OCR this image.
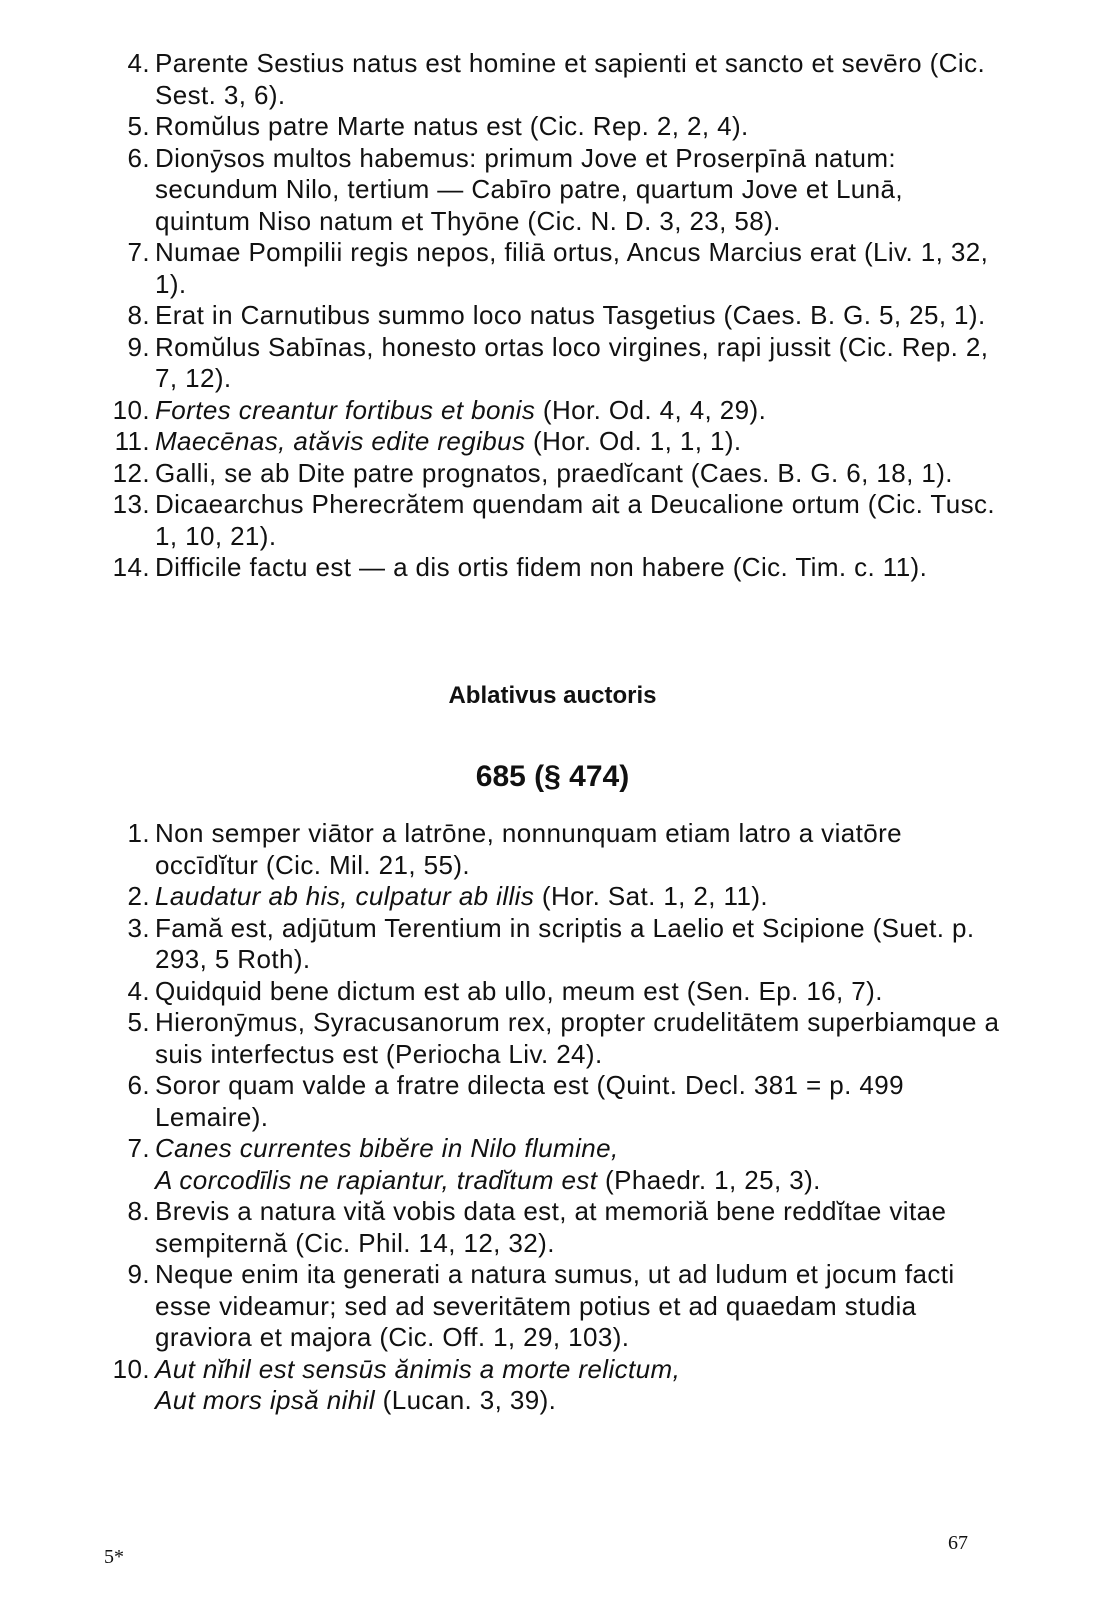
4. Parente Sestius natus est homine et sapienti et sancto et sevēro (Cic. Sest. 3, 6).
5. Romŭlus patre Marte natus est (Cic. Rep. 2, 2, 4).
6. Dionȳsos multos habemus: primum Jove et Proserpīnā natum: secundum Nilo, tertium — Cabīro patre, quartum Jove et Lunā, quintum Niso natum et Thyōne (Cic. N. D. 3, 23, 58).
7. Numae Pompilii regis nepos, filiā ortus, Ancus Marcius erat (Liv. 1, 32, 1).
8. Erat in Carnutibus summo loco natus Tasgetius (Caes. B. G. 5, 25, 1).
9. Romŭlus Sabīnas, honesto ortas loco virgines, rapi jussit (Cic. Rep. 2, 7, 12).
10. Fortes creantur fortibus et bonis (Hor. Od. 4, 4, 29).
11. Maecēnas, atăvis edite regibus (Hor. Od. 1, 1, 1).
12. Galli, se ab Dite patre prognatos, praedĭcant (Caes. B. G. 6, 18, 1).
13. Dicaearchus Pherecrătem quendam ait a Deucalione ortum (Cic. Tusc. 1, 10, 21).
14. Difficile factu est — a dis ortis fidem non habere (Cic. Tim. c. 11).
Ablativus auctoris
685 (§ 474)
1. Non semper viātor a latrōne, nonnunquam etiam latro a viatōre occīdĭtur (Cic. Mil. 21, 55).
2. Laudatur ab his, culpatur ab illis (Hor. Sat. 1, 2, 11).
3. Famă est, adjūtum Terentium in scriptis a Laelio et Scipione (Suet. p. 293, 5 Roth).
4. Quidquid bene dictum est ab ullo, meum est (Sen. Ep. 16, 7).
5. Hieronȳmus, Syracusanorum rex, propter crudelitātem superbiamque a suis interfectus est (Periocha Liv. 24).
6. Soror quam valde a fratre dilecta est (Quint. Decl. 381 = p. 499 Lemaire).
7. Canes currentes bibĕre in Nilo flumine,
A corcodīlis ne rapiantur, tradĭtum est (Phaedr. 1, 25, 3).
8. Brevis a natura vită vobis data est, at memoriă bene reddĭtae vitae sempiternă (Cic. Phil. 14, 12, 32).
9. Neque enim ita generati a natura sumus, ut ad ludum et jocum facti esse videamur; sed ad severitātem potius et ad quaedam studia graviora et majora (Cic. Off. 1, 29, 103).
10. Aut nĭhil est sensūs ănimis a morte relictum,
Aut mors ipsă nihil (Lucan. 3, 39).
5*
67
